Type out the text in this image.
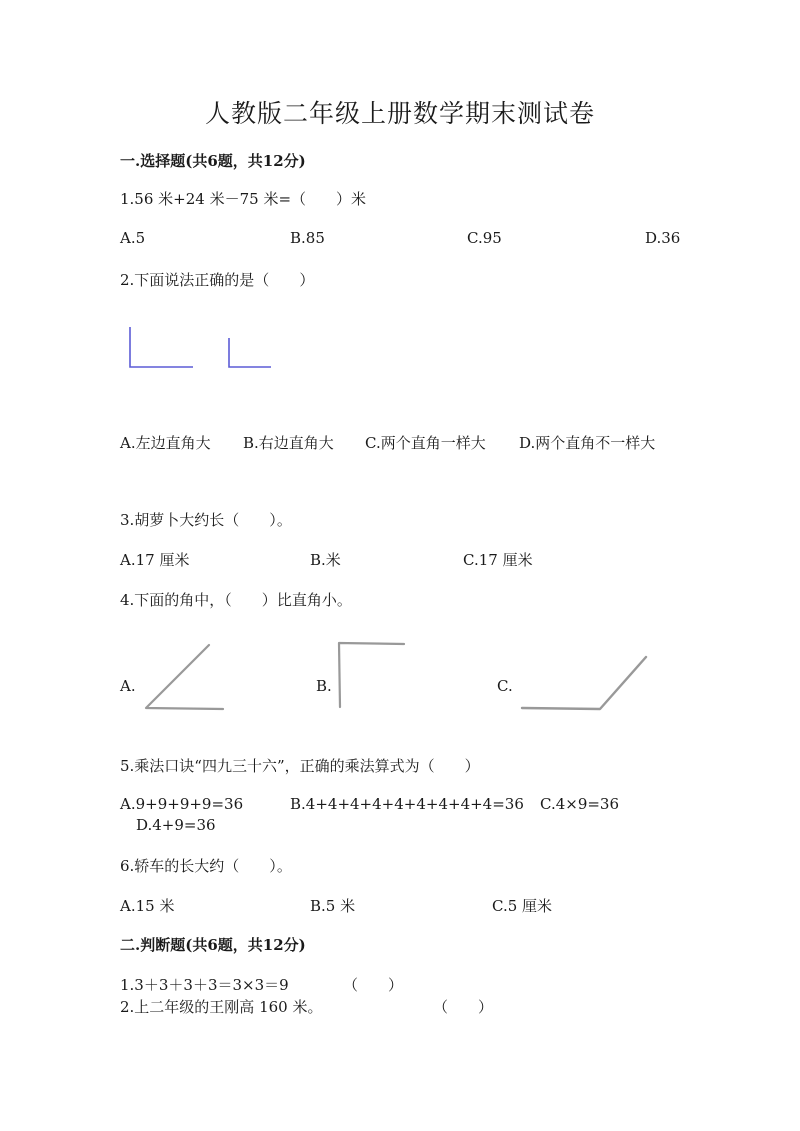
人教版二年级上册数学期末测试卷
一.选择题(共6题，共12分)
1.56 米+24 米－75 米=（　　）米
A.5	B.85	C.95	D.36
2.下面说法正确的是（　　）
A.左边直角大 B.右边直角大 C.两个直角一样大 D.两个直角不一样大
3.胡萝卜大约长（　　）。
A.17 厘米	B.米	C.17 厘米
4.下面的角中，（　　）比直角小。
A.	B.	C.
5.乘法口诀“四九三十六”，正确的乘法算式为（　　）
A.9+9+9+9=36	B.4+4+4+4+4+4+4+4+4=36 C.4×9=36
D.4+9=36
6.轿车的长大约（　　）。
A.15 米	B.5 米	C.5 厘米
二.判断题(共6题，共12分)
1.3＋3＋3＋3＝3×3＝9	（　　）
2.上二年级的王刚高 160 米。	（　　）
